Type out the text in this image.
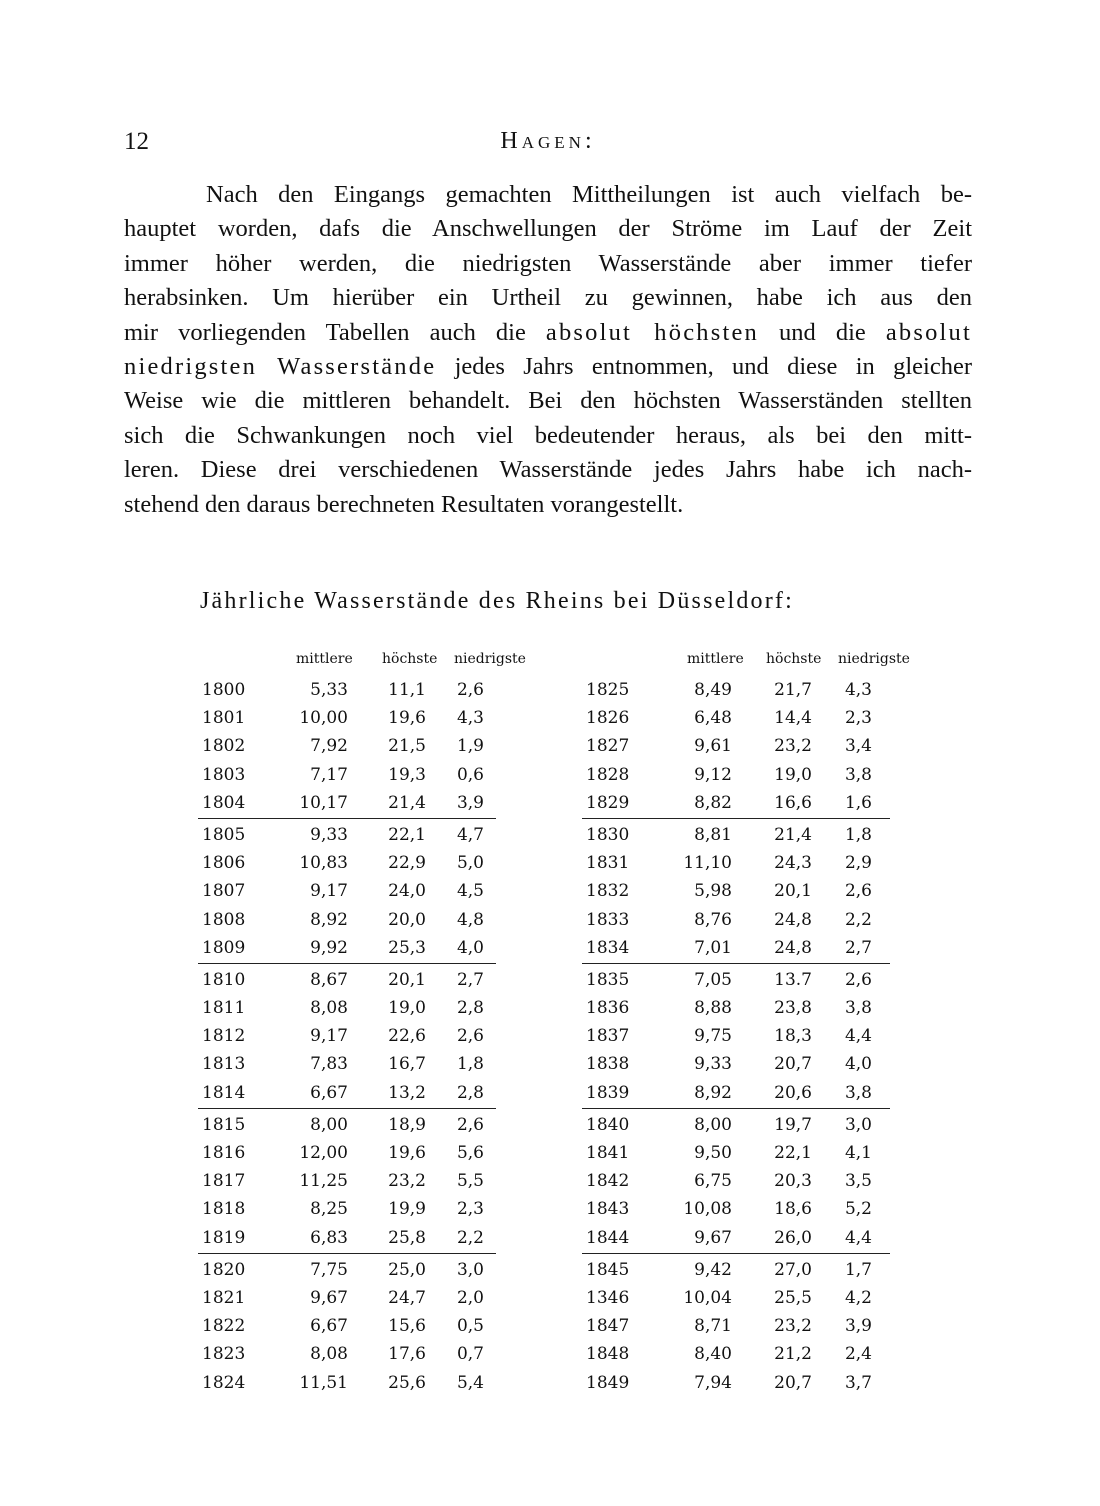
12	Hagen:
Nach den Eingangs gemachten Mittheilungen ist auch vielfach be-
hauptet worden, dafs die Anschwellungen der Ströme im Lauf der Zeit
immer höher werden, die niedrigsten Wasserstände aber immer tiefer
herabsinken. Um hierüber ein Urtheil zu gewinnen, habe ich aus den
mir vorliegenden Tabellen auch die absolut höchsten und die absolut
niedrigsten Wasserstände jedes Jahrs entnommen, und diese in gleicher
Weise wie die mittleren behandelt. Bei den höchsten Wasserständen stellten
sich die Schwankungen noch viel bedeutender heraus, als bei den mitt-
leren. Diese drei verschiedenen Wasserstände jedes Jahrs habe ich nach-
stehend den daraus berechneten Resultaten vorangestellt.
Jährliche Wasserstände des Rheins bei Düsseldorf:
mittlere höchste niedrigste
1800	5,33	11,1	2,6
1801	10,00	19,6	4,3
1802	7,92	21,5	1,9
1803	7,17	19,3	0,6
1804	10,17	21,4	3,9
1805	9,33	22,1	4,7
1806	10,83	22,9	5,0
1807	9,17	24,0	4,5
1808	8,92	20,0	4,8
1809	9,92	25,3	4,0
1810	8,67	20,1	2,7
1811	8,08	19,0	2,8
1812	9,17	22,6	2,6
1813	7,83	16,7	1,8
1814	6,67	13,2	2,8
1815	8,00	18,9	2,6
1816	12,00	19,6	5,6
1817	11,25	23,2	5,5
1818	8,25	19,9	2,3
1819	6,83	25,8	2,2
1820	7,75	25,0	3,0
1821	9,67	24,7	2,0
1822	6,67	15,6	0,5
1823	8,08	17,6	0,7
1824	11,51	25,6	5,4
mittlere höchste niedrigste
1825	8,49	21,7	4,3
1826	6,48	14,4	2,3
1827	9,61	23,2	3,4
1828	9,12	19,0	3,8
1829	8,82	16,6	1,6
1830	8,81	21,4	1,8
1831	11,10	24,3	2,9
1832	5,98	20,1	2,6
1833	8,76	24,8	2,2
1834	7,01	24,8	2,7
1835	7,05	13.7	2,6
1836	8,88	23,8	3,8
1837	9,75	18,3	4,4
1838	9,33	20,7	4,0
1839	8,92	20,6	3,8
1840	8,00	19,7	3,0
1841	9,50	22,1	4,1
1842	6,75	20,3	3,5
1843	10,08	18,6	5,2
1844	9,67	26,0	4,4
1845	9,42	27,0	1,7
1346	10,04	25,5	4,2
1847	8,71	23,2	3,9
1848	8,40	21,2	2,4
1849	7,94	20,7	3,7
